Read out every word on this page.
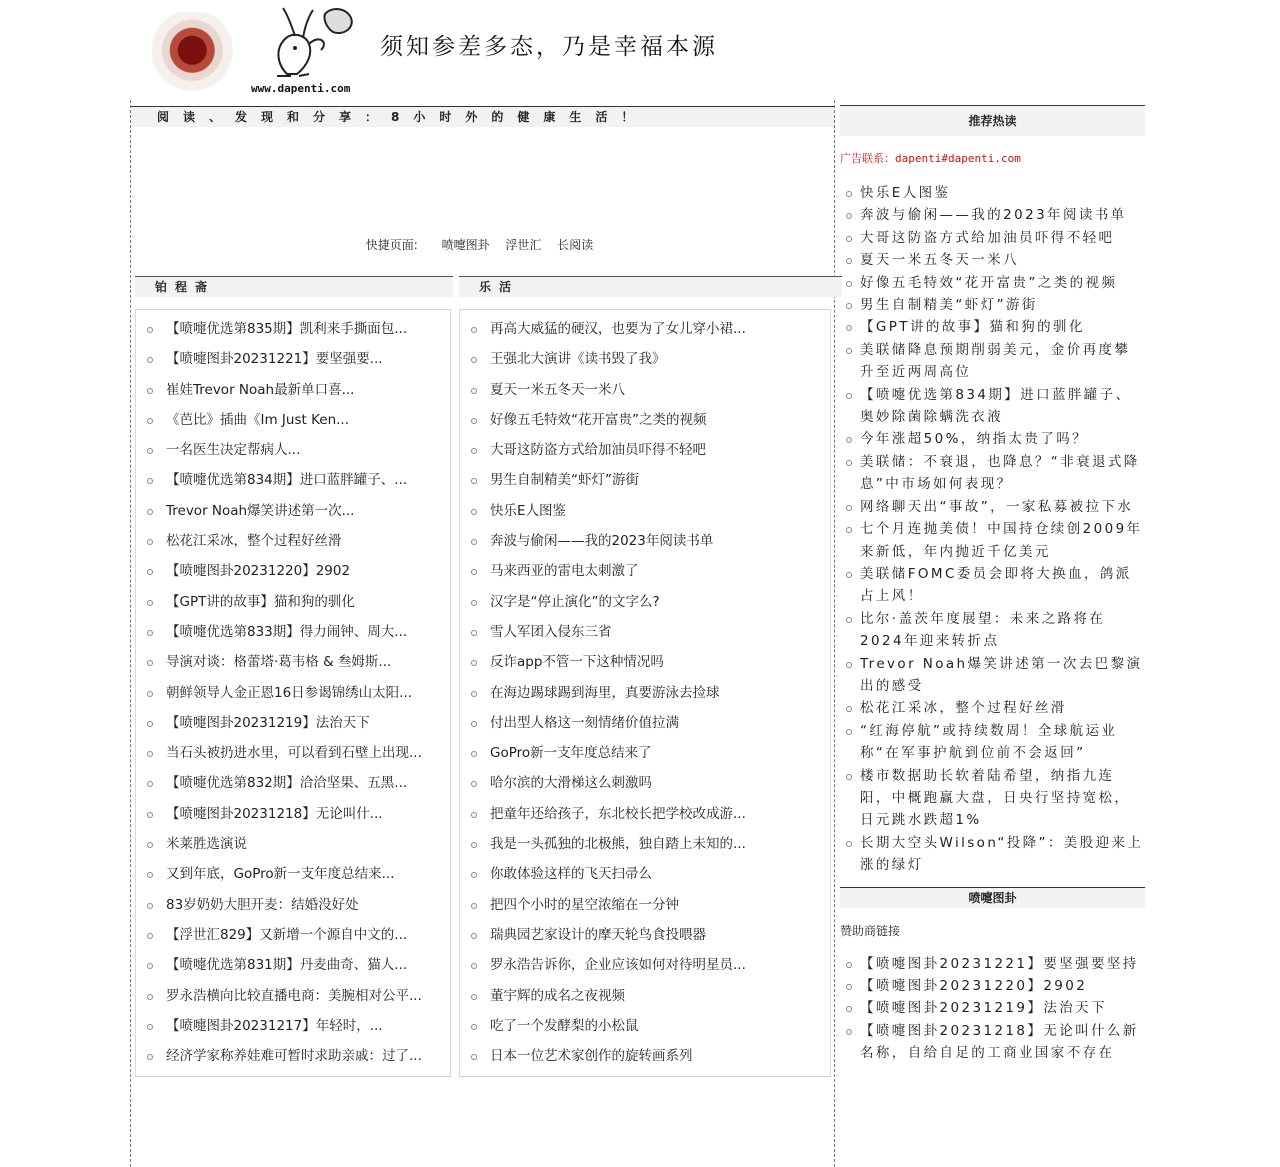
www.dapenti.com
须知参差多态，乃是幸福本源
阅读、发现和分享：8小时外的健康生活！
快捷页面: 喷嚏图卦 浮世汇 长阅读
铂程斋
【喷嚏优选第835期】凯利来手撕面包...
【喷嚏图卦20231221】要坚强要...
崔娃Trevor Noah最新单口喜...
《芭比》插曲《Im Just Ken...
一名医生决定帮病人...
【喷嚏优选第834期】进口蓝胖罐子、...
Trevor Noah爆笑讲述第一次...
松花江采冰，整个过程好丝滑
【喷嚏图卦20231220】2902
【GPT讲的故事】猫和狗的驯化
【喷嚏优选第833期】得力闹钟、周大...
导演对谈：格蕾塔·葛韦格 & 叁姆斯...
朝鲜领导人金正恩16日参谒锦绣山太阳...
【喷嚏图卦20231219】法治天下
当石头被扔进水里，可以看到石壁上出现...
【喷嚏优选第832期】洽洽坚果、五黑...
【喷嚏图卦20231218】无论叫什...
米莱胜选演说
又到年底，GoPro新一支年度总结来...
83岁奶奶大胆开麦：结婚没好处
【浮世汇829】又新增一个源自中文的...
【喷嚏优选第831期】丹麦曲奇、猫人...
罗永浩横向比较直播电商：美腕相对公平...
【喷嚏图卦20231217】年轻时，...
经济学家称养娃难可暂时求助亲戚：过了...
乐活
再高大威猛的硬汉，也要为了女儿穿小裙...
王强北大演讲《读书毁了我》
夏天一米五冬天一米八
好像五毛特效“花开富贵”之类的视频
大哥这防盗方式给加油员吓得不轻吧
男生自制精美“虾灯”游街
快乐E人图鉴
奔波与偷闲——我的2023年阅读书单
马来西亚的雷电太刺激了
汉字是“停止演化”的文字么?
雪人军团入侵东三省
反诈app不管一下这种情况吗
在海边踢球踢到海里，真要游泳去捡球
付出型人格这一刻情绪价值拉满
GoPro新一支年度总结来了
哈尔滨的大滑梯这么刺激吗
把童年还给孩子，东北校长把学校改成游...
我是一头孤独的北极熊，独自踏上未知的...
你敢体验这样的飞天扫帚么
把四个小时的星空浓缩在一分钟
瑞典园艺家设计的摩天轮鸟食投喂器
罗永浩告诉你，企业应该如何对待明星员...
董宇辉的成名之夜视频
吃了一个发酵梨的小松鼠
日本一位艺术家创作的旋转画系列
推荐热读
广告联系：dapenti#dapenti.com
快乐E人图鉴
奔波与偷闲——我的2023年阅读书单
大哥这防盗方式给加油员吓得不轻吧
夏天一米五冬天一米八
好像五毛特效“花开富贵”之类的视频
男生自制精美“虾灯”游街
【GPT讲的故事】猫和狗的驯化
美联储降息预期削弱美元，金价再度攀升至近两周高位
【喷嚏优选第834期】进口蓝胖罐子、奥妙除菌除螨洗衣液
今年涨超50%，纳指太贵了吗？
美联储：不衰退，也降息？“非衰退式降息”中市场如何表现？
网络聊天出“事故”，一家私募被拉下水
七个月连抛美债！中国持仓续创2009年来新低，年内抛近千亿美元
美联储FOMC委员会即将大换血，鸽派占上风！
比尔·盖茨年度展望：未来之路将在2024年迎来转折点
Trevor Noah爆笑讲述第一次去巴黎演出的感受
松花江采冰，整个过程好丝滑
“红海停航”或持续数周！全球航运业称“在军事护航到位前不会返回”
楼市数据助长软着陆希望，纳指九连阳，中概跑赢大盘，日央行坚持宽松，日元跳水跌超1%
长期大空头Wilson“投降”：美股迎来上涨的绿灯
喷嚏图卦
赞助商链接
【喷嚏图卦20231221】要坚强要坚持
【喷嚏图卦20231220】2902
【喷嚏图卦20231219】法治天下
【喷嚏图卦20231218】无论叫什么新名称，自给自足的工商业国家不存在
